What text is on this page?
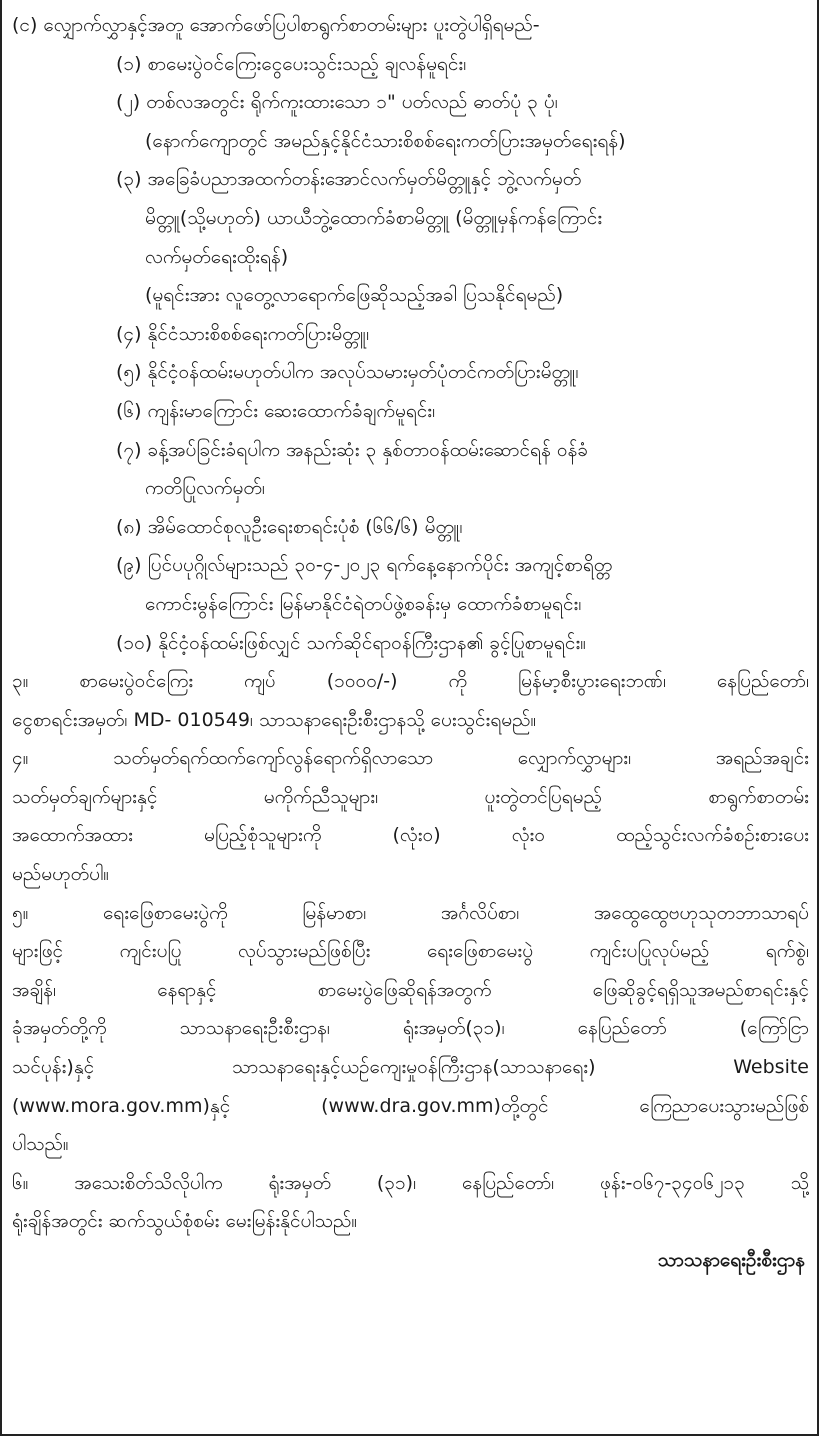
(င) လျှောက်လွှာနှင့်အတူ အောက်ဖော်ပြပါစာရွက်စာတမ်းများ ပူးတွဲပါရှိရမည်-
(၁) စာမေးပွဲဝင်ကြေးငွေပေးသွင်းသည့် ချလန်မူရင်း၊
(၂) တစ်လအတွင်း ရိုက်ကူးထားသော ၁" ပတ်လည် ဓာတ်ပုံ ၃ ပုံ၊
(နောက်ကျောတွင် အမည်နှင့်နိုင်ငံသားစိစစ်ရေးကတ်ပြားအမှတ်ရေးရန်)
(၃) အခြေခံပညာအထက်တန်းအောင်လက်မှတ်မိတ္တူနှင့် ဘွဲ့လက်မှတ်
မိတ္တူ(သို့မဟုတ်) ယာယီဘွဲ့ထောက်ခံစာမိတ္တူ (မိတ္တူမှန်ကန်ကြောင်း
လက်မှတ်ရေးထိုးရန်)
(မူရင်းအား လူတွေ့လာရောက်ဖြေဆိုသည့်အခါ ပြသနိုင်ရမည်)
(၄) နိုင်ငံသားစိစစ်ရေးကတ်ပြားမိတ္တူ၊
(၅) နိုင်ငံ့ဝန်ထမ်းမဟုတ်ပါက အလုပ်သမားမှတ်ပုံတင်ကတ်ပြားမိတ္တူ၊
(၆) ကျန်းမာကြောင်း ဆေးထောက်ခံချက်မူရင်း၊
(၇) ခန့်အပ်ခြင်းခံရပါက အနည်းဆုံး ၃ နှစ်တာဝန်ထမ်းဆောင်ရန် ဝန်ခံ
ကတိပြုလက်မှတ်၊
(၈) အိမ်ထောင်စုလူဦးရေးစာရင်းပုံစံ (၆၆/၆) မိတ္တူ၊
(၉) ပြင်ပပုဂ္ဂိုလ်များသည် ၃၀-၄-၂၀၂၃ ရက်နေ့နောက်ပိုင်း အကျင့်စာရိတ္တ
ကောင်းမွန်ကြောင်း မြန်မာနိုင်ငံရဲတပ်ဖွဲ့စခန်းမှ ထောက်ခံစာမူရင်း၊
(၁၀) နိုင်ငံ့ဝန်ထမ်းဖြစ်လျှင် သက်ဆိုင်ရာဝန်ကြီးဌာန၏ ခွင့်ပြုစာမူရင်း။
၃။ စာမေးပွဲဝင်ကြေး ကျပ် (၁၀၀၀/-) ကို မြန်မာ့စီးပွားရေးဘဏ်၊ နေပြည်တော်၊
ငွေစာရင်းအမှတ်၊ MD- 010549၊ သာသနာရေးဦးစီးဌာနသို့ ပေးသွင်းရမည်။
၄။ သတ်မှတ်ရက်ထက်ကျော်လွန်ရောက်ရှိလာသော လျှောက်လွှာများ၊ အရည်အချင်း
သတ်မှတ်ချက်များနှင့် မကိုက်ညီသူများ၊ ပူးတွဲတင်ပြရမည့် စာရွက်စာတမ်း
အထောက်အထား မပြည့်စုံသူများကို (လုံးဝ) လုံးဝ ထည့်သွင်းလက်ခံစဉ်းစားပေး
မည်မဟုတ်ပါ။
၅။ ရေးဖြေစာမေးပွဲကို မြန်မာစာ၊ အင်္ဂလိပ်စာ၊ အထွေထွေဗဟုသုတဘာသာရပ်
များဖြင့် ကျင်းပပြု လုပ်သွားမည်ဖြစ်ပြီး ရေးဖြေစာမေးပွဲ ကျင်းပပြုလုပ်မည့် ရက်စွဲ၊
အချိန်၊ နေရာနှင့် စာမေးပွဲဖြေဆိုရန်အတွက် ဖြေဆိုခွင့်ရရှိသူအမည်စာရင်းနှင့်
ခုံအမှတ်တို့ကို သာသနာရေးဦးစီးဌာန၊ ရုံးအမှတ်(၃၁)၊ နေပြည်တော် (ကြော်ငြာ
သင်ပုန်း)နှင့် သာသနာရေးနှင့်ယဉ်ကျေးမှုဝန်ကြီးဌာန(သာသနာရေး) Website
(www.mora.gov.mm)နှင့် (www.dra.gov.mm)တို့တွင် ကြေညာပေးသွားမည်ဖြစ်
ပါသည်။
၆။ အသေးစိတ်သိလိုပါက ရုံးအမှတ် (၃၁)၊ နေပြည်တော်၊ ဖုန်း-၀၆၇-၃၄၀၆၂၁၃ သို့
ရုံးချိန်အတွင်း ဆက်သွယ်စုံစမ်း မေးမြန်းနိုင်ပါသည်။
သာသနာရေးဦးစီးဌာန
